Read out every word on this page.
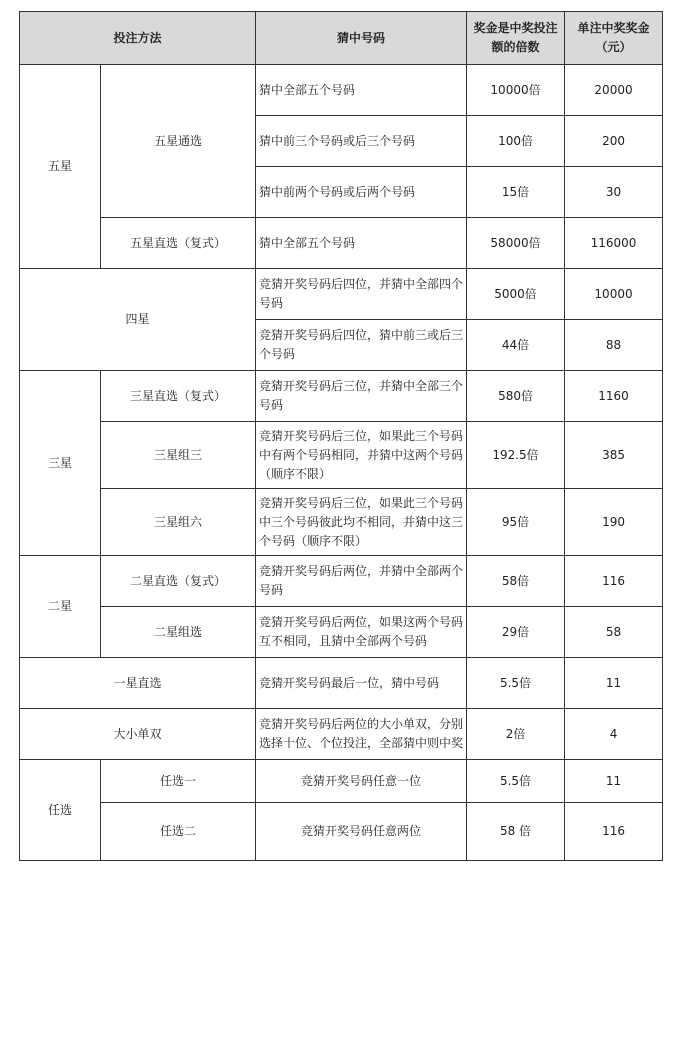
投注方法		猜中号码	奖金是中奖投注额的倍数	单注中奖奖金（元）
五星	五星通选	猜中全部五个号码	10000倍	20000
		猜中前三个号码或后三个号码	100倍	200
		猜中前两个号码或后两个号码	15倍	30
	五星直选（复式）	猜中全部五个号码	58000倍	116000
四星		竞猜开奖号码后四位，并猜中全部四个号码	5000倍	10000
		竞猜开奖号码后四位，猜中前三或后三个号码	44倍	88
三星	三星直选（复式）	竞猜开奖号码后三位，并猜中全部三个号码	580倍	1160
	三星组三	竞猜开奖号码后三位，如果此三个号码中有两个号码相同，并猜中这两个号码（顺序不限）	192.5倍	385
	三星组六	竞猜开奖号码后三位，如果此三个号码中三个号码彼此均不相同，并猜中这三个号码（顺序不限）	95倍	190
二星	二星直选（复式）	竞猜开奖号码后两位，并猜中全部两个号码	58倍	116
	二星组选	竞猜开奖号码后两位，如果这两个号码互不相同，且猜中全部两个号码	29倍	58
一星直选		竞猜开奖号码最后一位，猜中号码	5.5倍	11
大小单双		竞猜开奖号码后两位的大小单双，分别选择十位、个位投注，全部猜中则中奖	2倍	4
任选	任选一	竞猜开奖号码任意一位	5.5倍	11
	任选二	竞猜开奖号码任意两位	58 倍	116
